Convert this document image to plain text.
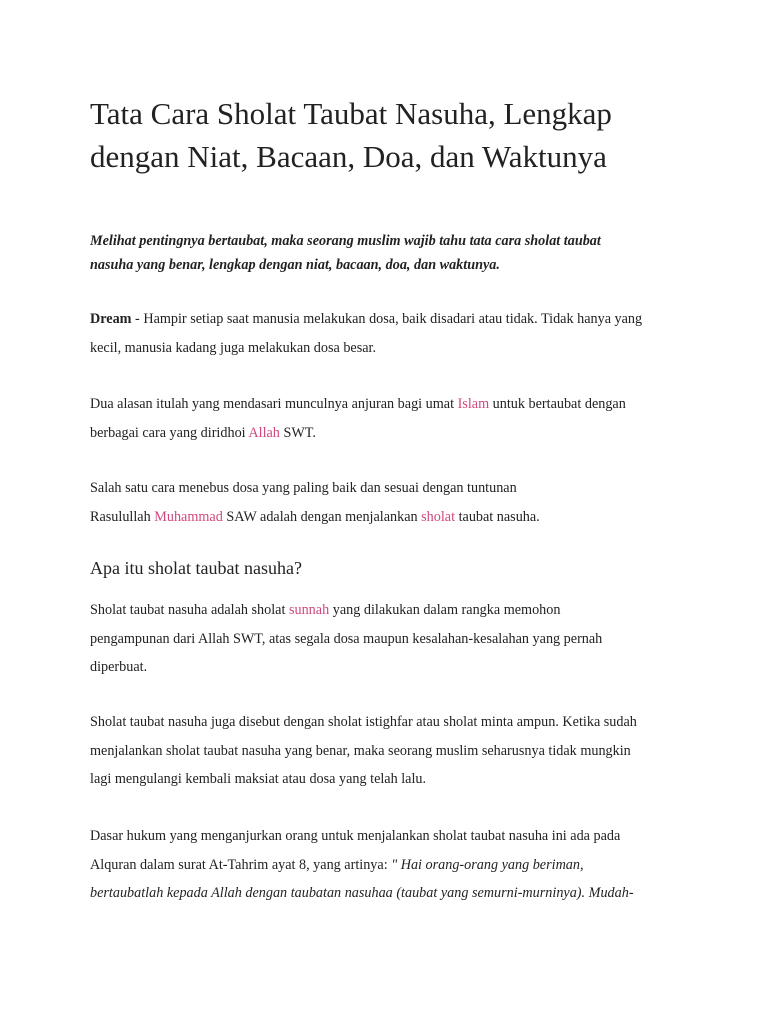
Tata Cara Sholat Taubat Nasuha, Lengkap
dengan Niat, Bacaan, Doa, dan Waktunya

Melihat pentingnya bertaubat, maka seorang muslim wajib tahu tata cara sholat taubat
nasuha yang benar, lengkap dengan niat, bacaan, doa, dan waktunya.

Dream - Hampir setiap saat manusia melakukan dosa, baik disadari atau tidak. Tidak hanya yang
kecil, manusia kadang juga melakukan dosa besar.

Dua alasan itulah yang mendasari munculnya anjuran bagi umat Islam untuk bertaubat dengan
berbagai cara yang diridhoi Allah SWT.

Salah satu cara menebus dosa yang paling baik dan sesuai dengan tuntunan
Rasulullah Muhammad SAW adalah dengan menjalankan sholat taubat nasuha.

Apa itu sholat taubat nasuha?

Sholat taubat nasuha adalah sholat sunnah yang dilakukan dalam rangka memohon
pengampunan dari Allah SWT, atas segala dosa maupun kesalahan-kesalahan yang pernah
diperbuat.

Sholat taubat nasuha juga disebut dengan sholat istighfar atau sholat minta ampun. Ketika sudah
menjalankan sholat taubat nasuha yang benar, maka seorang muslim seharusnya tidak mungkin
lagi mengulangi kembali maksiat atau dosa yang telah lalu.

Dasar hukum yang menganjurkan orang untuk menjalankan sholat taubat nasuha ini ada pada
Alquran dalam surat At-Tahrim ayat 8, yang artinya: " Hai orang-orang yang beriman,
bertaubatlah kepada Allah dengan taubatan nasuhaa (taubat yang semurni-murninya). Mudah-
